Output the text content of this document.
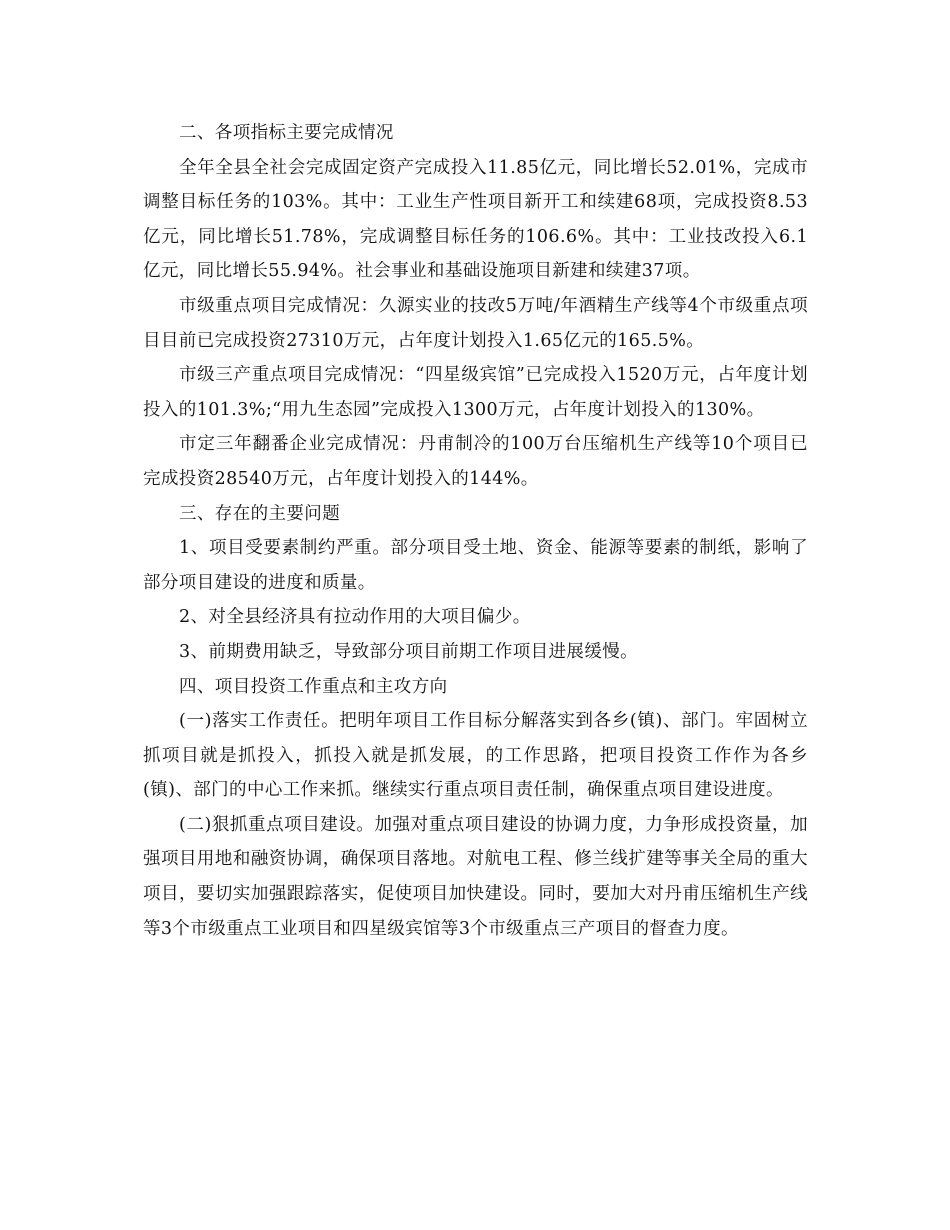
二、各项指标主要完成情况

全年全县全社会完成固定资产完成投入11.85亿元，同比增长52.01%，完成市调整目标任务的103%。其中：工业生产性项目新开工和续建68项，完成投资8.53亿元，同比增长51.78%，完成调整目标任务的106.6%。其中：工业技改投入6.1亿元，同比增长55.94%。社会事业和基础设施项目新建和续建37项。

市级重点项目完成情况：久源实业的技改5万吨/年酒精生产线等4个市级重点项目目前已完成投资27310万元，占年度计划投入1.65亿元的165.5%。

市级三产重点项目完成情况：“四星级宾馆”已完成投入1520万元，占年度计划投入的101.3%;“用九生态园”完成投入1300万元，占年度计划投入的130%。

市定三年翻番企业完成情况：丹甫制冷的100万台压缩机生产线等10个项目已完成投资28540万元，占年度计划投入的144%。

三、存在的主要问题

1、项目受要素制约严重。部分项目受土地、资金、能源等要素的制纸，影响了部分项目建设的进度和质量。

2、对全县经济具有拉动作用的大项目偏少。

3、前期费用缺乏，导致部分项目前期工作项目进展缓慢。

四、项目投资工作重点和主攻方向

(一)落实工作责任。把明年项目工作目标分解落实到各乡(镇)、部门。牢固树立抓项目就是抓投入，抓投入就是抓发展，的工作思路，把项目投资工作作为各乡(镇)、部门的中心工作来抓。继续实行重点项目责任制，确保重点项目建设进度。

(二)狠抓重点项目建设。加强对重点项目建设的协调力度，力争形成投资量，加强项目用地和融资协调，确保项目落地。对航电工程、修兰线扩建等事关全局的重大项目，要切实加强跟踪落实，促使项目加快建设。同时，要加大对丹甫压缩机生产线等3个市级重点工业项目和四星级宾馆等3个市级重点三产项目的督查力度。
